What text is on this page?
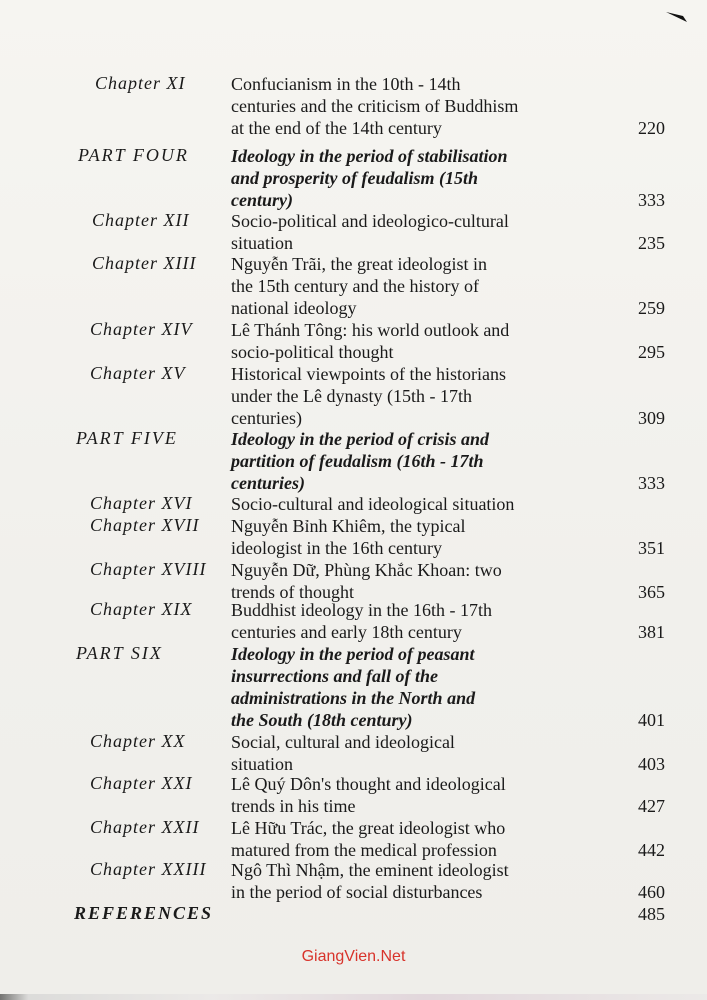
Chapter XI	Confucianism in the 10th - 14th
centuries and the criticism of Buddhism
at the end of the 14th century	220
PART FOUR Ideology in the period of stabilisation
and prosperity of feudalism (15th
century)	333
Chapter XII Socio-political and ideologico-cultural
situation	235
Chapter XIII Nguyễn Trãi, the great ideologist in
the 15th century and the history of
national ideology	259
Chapter XIV Lê Thánh Tông: his world outlook and
socio-political thought	295
Chapter XV	Historical viewpoints of the historians
under the Lê dynasty (15th - 17th
centuries)	309
PART FIVE	Ideology in the period of crisis and
partition of feudalism (16th - 17th
centuries)	333
Chapter XVI Socio-cultural and ideological situation
Chapter XVII Nguyễn Bỉnh Khiêm, the typical
ideologist in the 16th century	351
Chapter XVIII Nguyễn Dữ, Phùng Khắc Khoan: two
trends of thought	365
Chapter XIX Buddhist ideology in the 16th - 17th
centuries and early 18th century	381
PART SIX	Ideology in the period of peasant
insurrections and fall of the
administrations in the North and
the South (18th century)	401
Chapter XX	Social, cultural and ideological
situation	403
Chapter XXI Lê Quý Dôn's thought and ideological
trends in his time	427
Chapter XXII Lê Hữu Trác, the great ideologist who
matured from the medical profession	442
Chapter XXIII Ngô Thì Nhậm, the eminent ideologist
in the period of social disturbances	460
REFERENCES	485
GiangVien.Net
